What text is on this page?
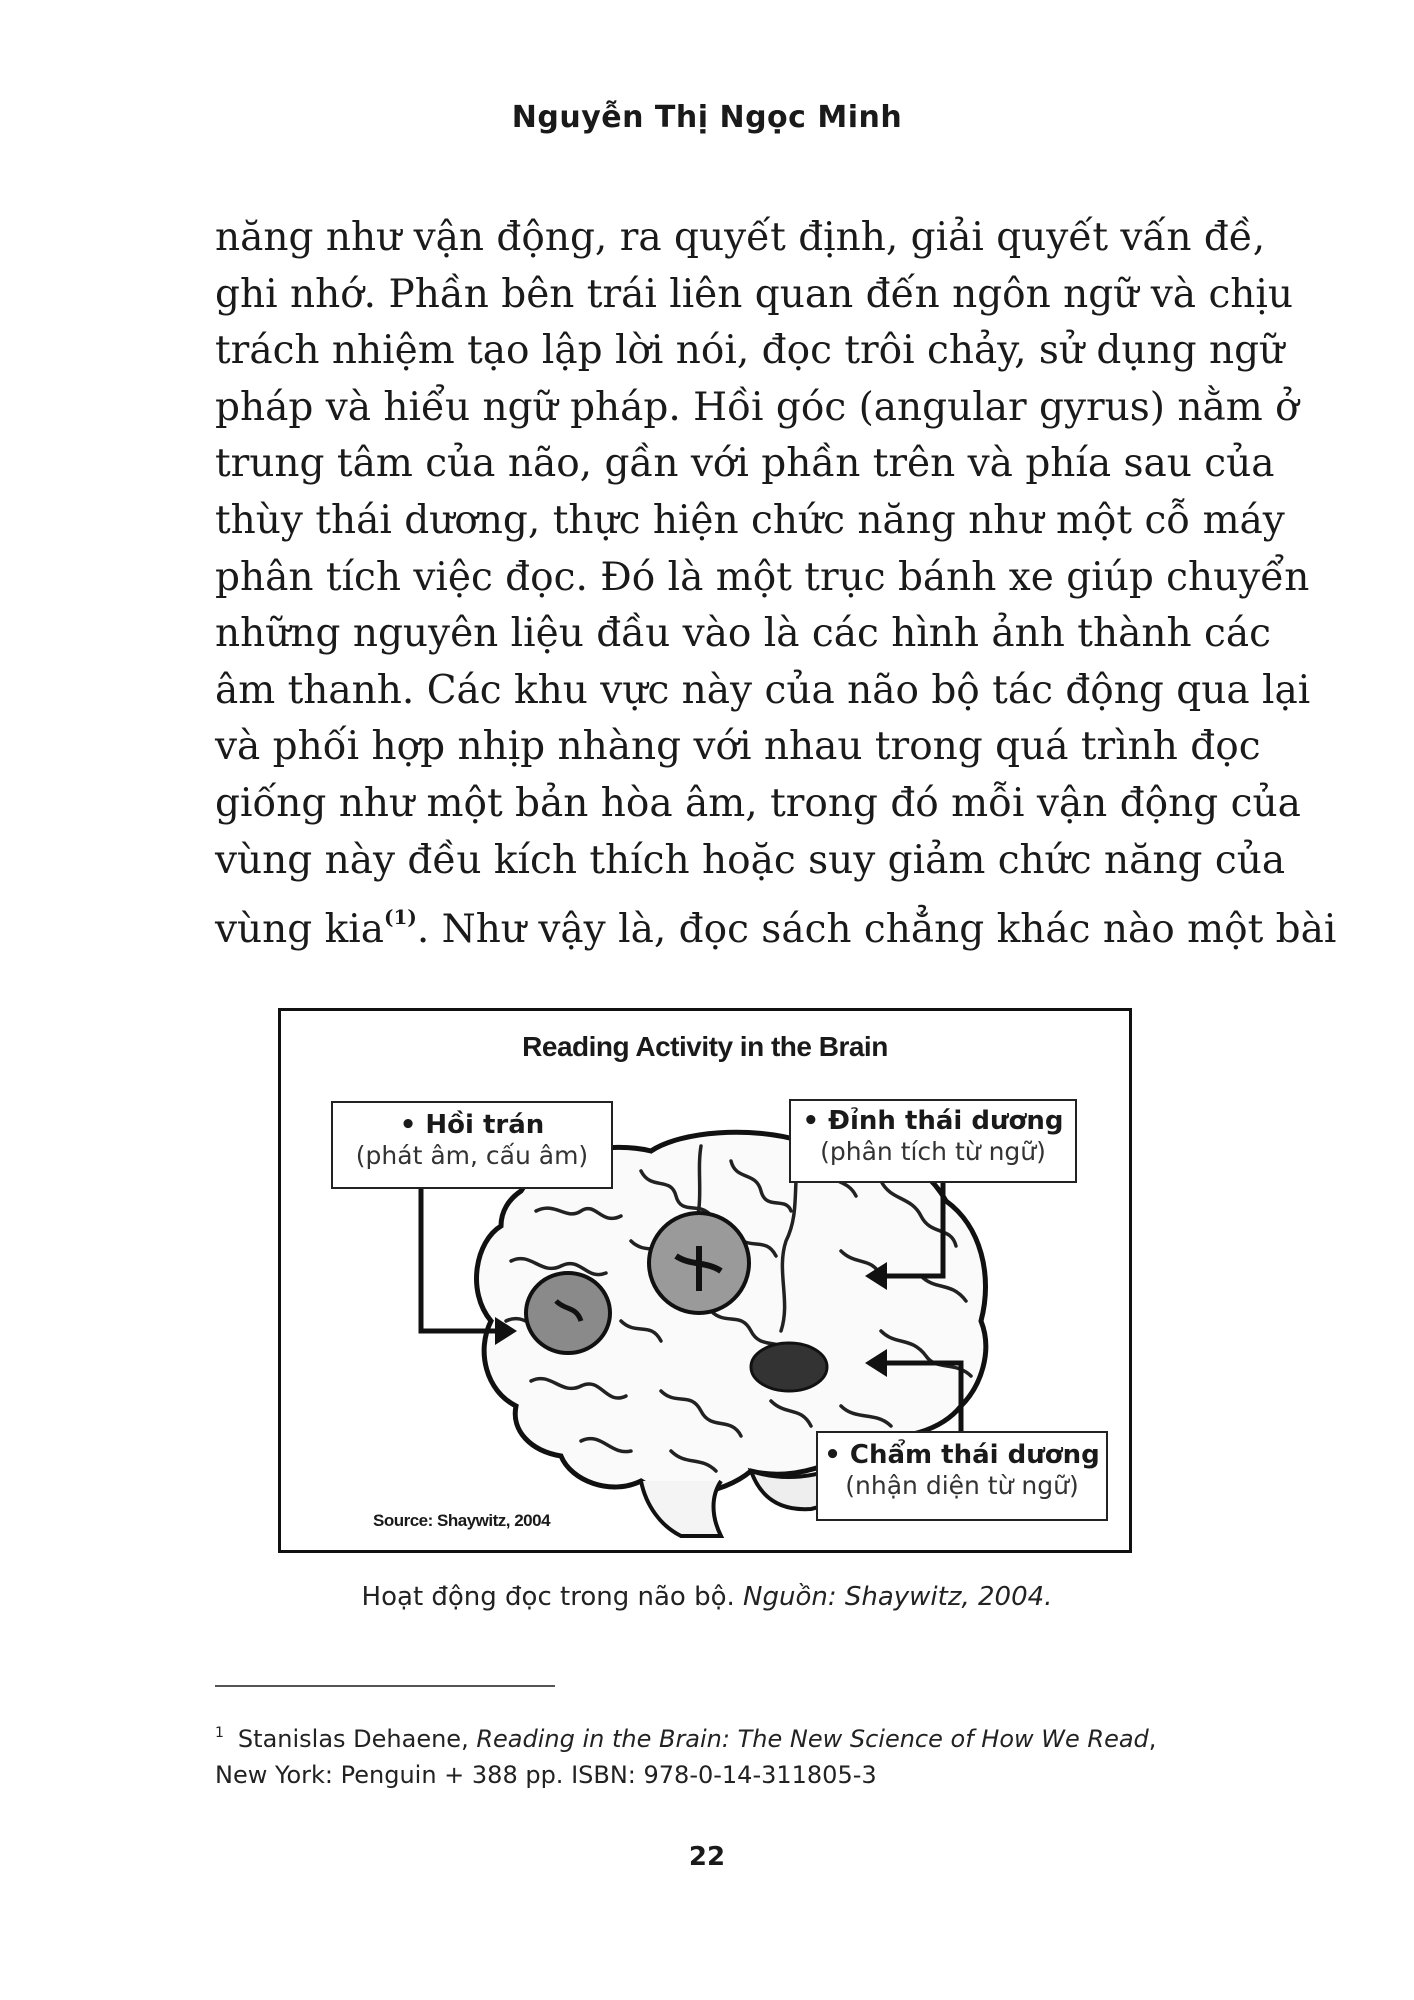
Nguyễn Thị Ngọc Minh
năng như vận động, ra quyết định, giải quyết vấn đề,
ghi nhớ. Phần bên trái liên quan đến ngôn ngữ và chịu
trách nhiệm tạo lập lời nói, đọc trôi chảy, sử dụng ngữ
pháp và hiểu ngữ pháp. Hồi góc (angular gyrus) nằm ở
trung tâm của não, gần với phần trên và phía sau của
thùy thái dương, thực hiện chức năng như một cỗ máy
phân tích việc đọc. Đó là một trục bánh xe giúp chuyển
những nguyên liệu đầu vào là các hình ảnh thành các
âm thanh. Các khu vực này của não bộ tác động qua lại
và phối hợp nhịp nhàng với nhau trong quá trình đọc
giống như một bản hòa âm, trong đó mỗi vận động của
vùng này đều kích thích hoặc suy giảm chức năng của
vùng kia$^{(1)}$. Như vậy là, đọc sách chẳng khác nào một bài
Reading Activity in the Brain
• Hồi trán
(phát âm, cấu âm)
• Đỉnh thái dương
(phân tích từ ngữ)
• Chẩm thái dương
(nhận diện từ ngữ)
Source: Shaywitz, 2004
Hoạt động đọc trong não bộ. Nguồn: Shaywitz, 2004.
$^1$ Stanislas Dehaene, Reading in the Brain: The New Science of How We Read, New York: Penguin + 388 pp. ISBN: 978-0-14-311805-3
22
